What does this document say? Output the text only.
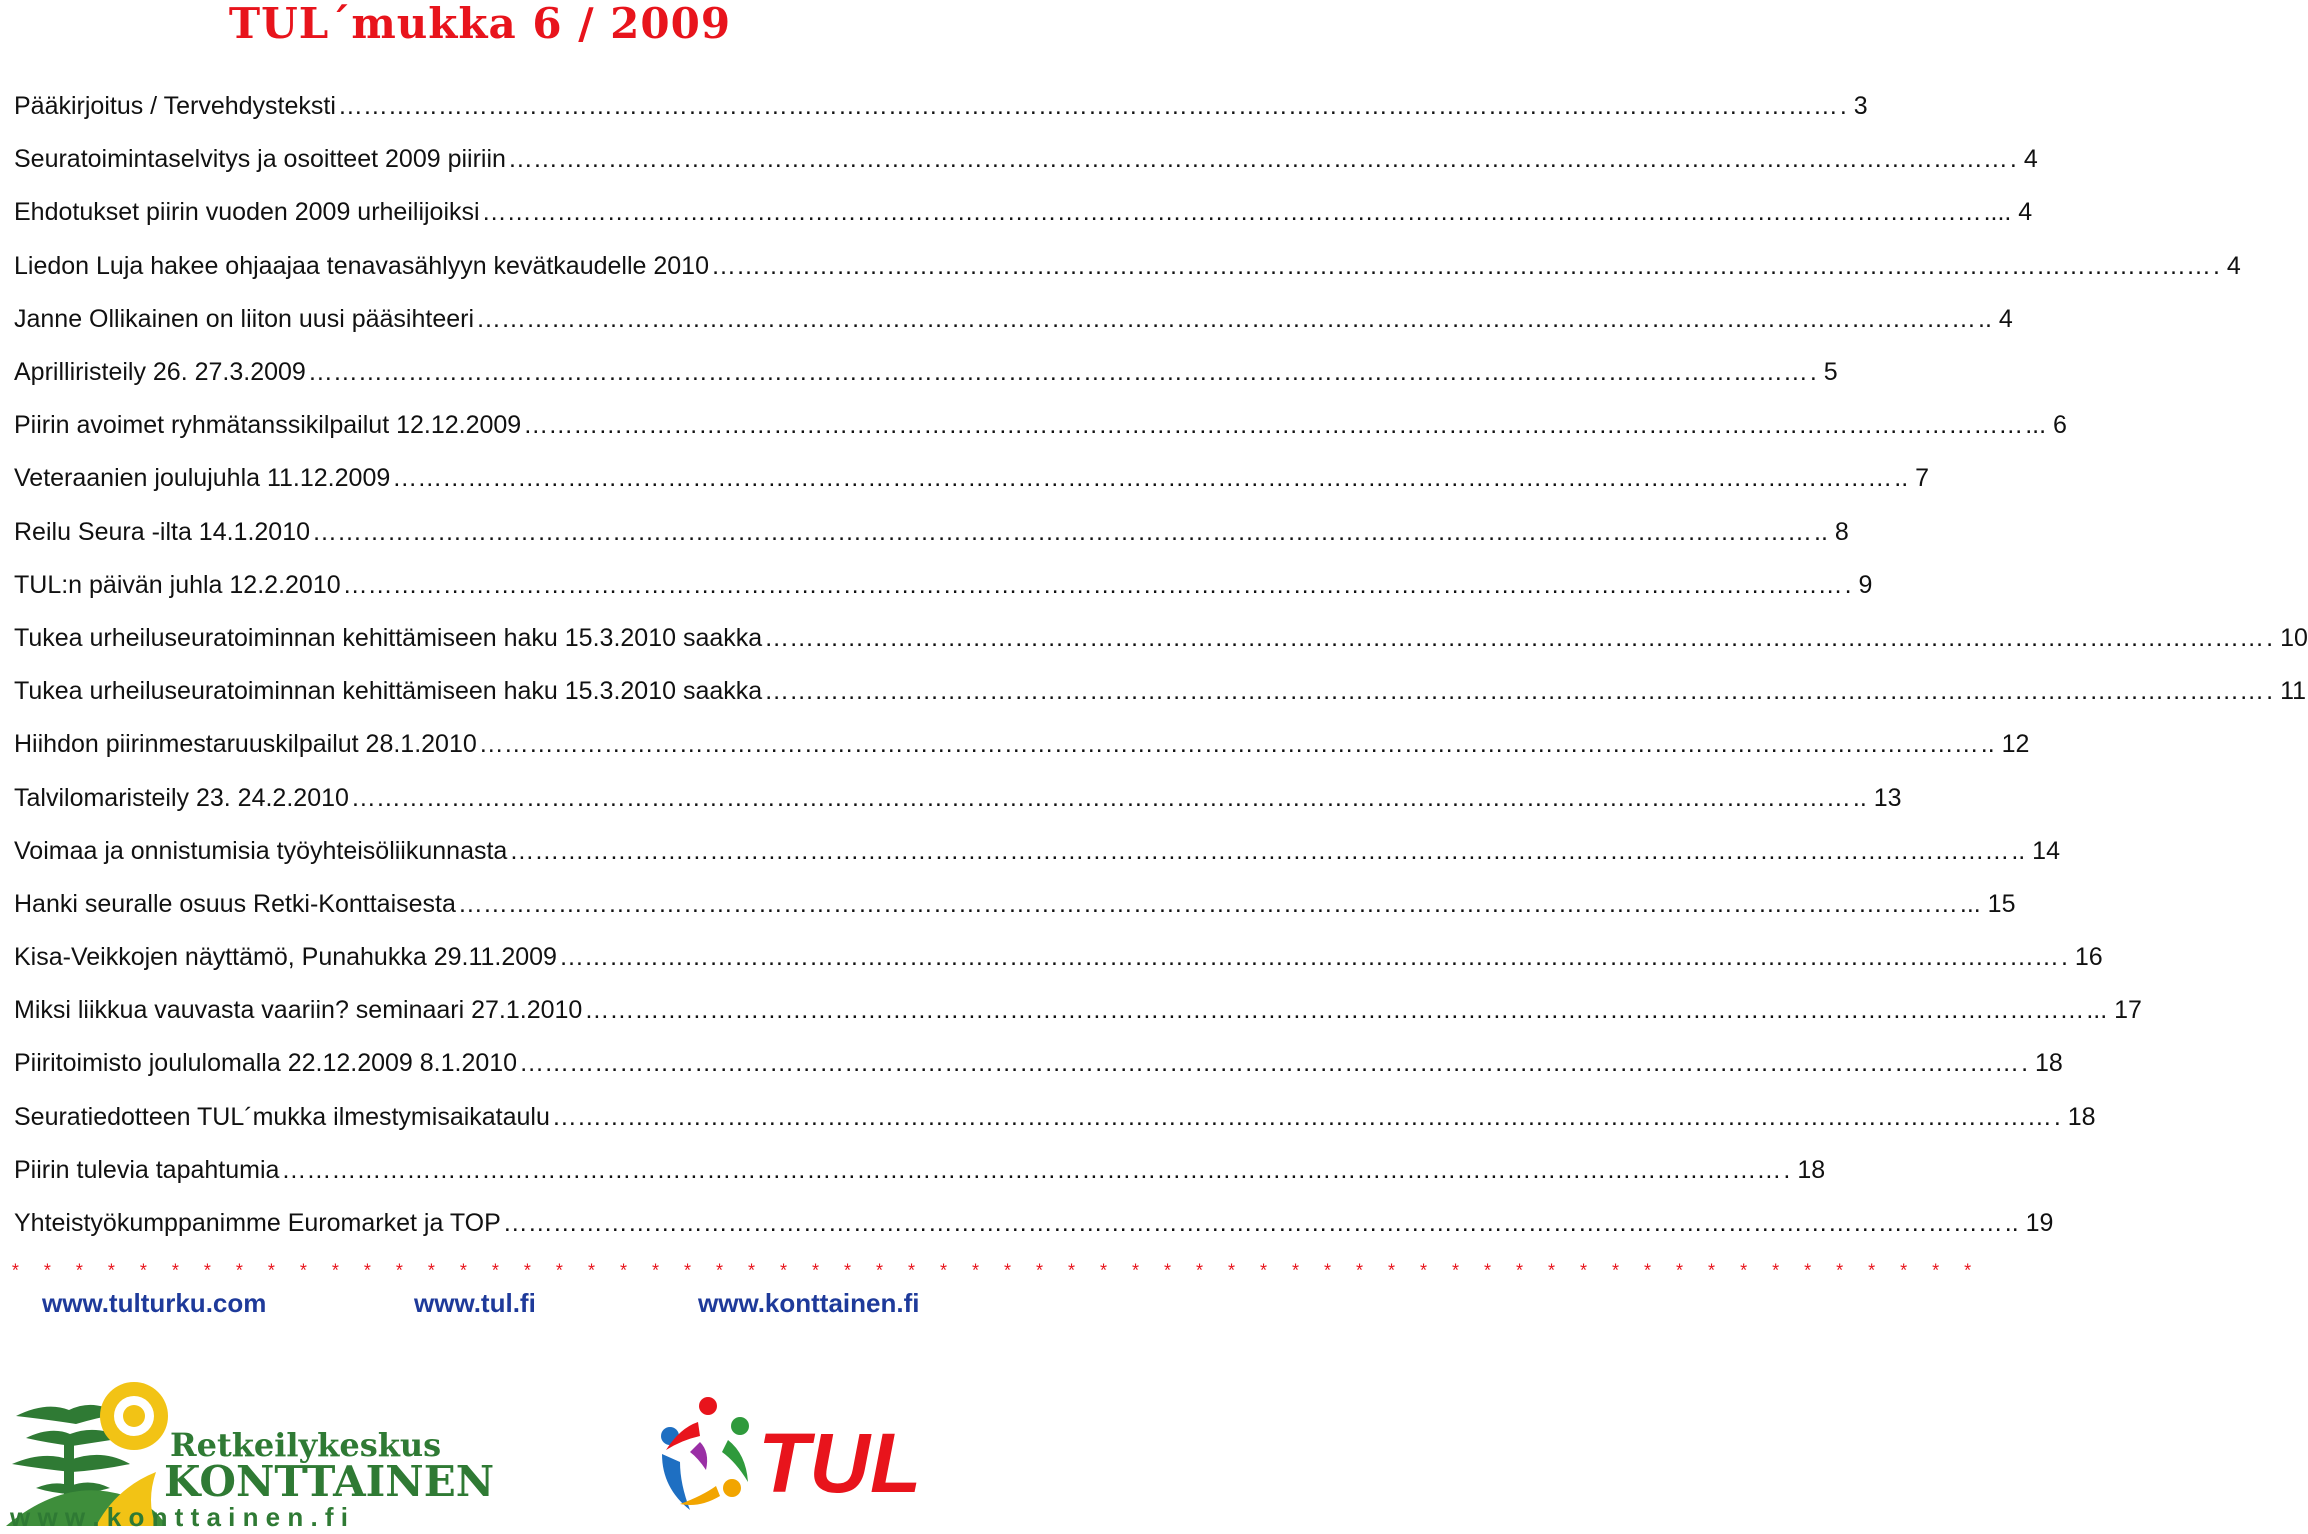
TUL´mukka 6 / 2009
Pääkirjoitus / Tervehdysteksti ………………………………………………………………………………………………………………………………………………………………	. 3
Seuratoimintaselvitys ja osoitteet 2009 piiriin ………………………………………………………………………………………………………………………………………………………………	. 4
Ehdotukset piirin vuoden 2009 urheilijoiksi ………………………………………………………………………………………………………………………………………………………………	.... 4
Liedon Luja hakee ohjaajaa tenavasählyyn kevätkaudelle 2010 ………………………………………………………………………………………………………………………………………………………………	. 4
Janne Ollikainen on liiton uusi pääsihteeri ………………………………………………………………………………………………………………………………………………………………	.. 4
Aprilliristeily 26. 27.3.2009 ………………………………………………………………………………………………………………………………………………………………	. 5
Piirin avoimet ryhmätanssikilpailut 12.12.2009 ………………………………………………………………………………………………………………………………………………………………	... 6
Veteraanien joulujuhla 11.12.2009 ………………………………………………………………………………………………………………………………………………………………	.. 7
Reilu Seura -ilta 14.1.2010 ………………………………………………………………………………………………………………………………………………………………	.. 8
TUL:n päivän juhla 12.2.2010 ………………………………………………………………………………………………………………………………………………………………	. 9
Tukea urheiluseuratoiminnan kehittämiseen haku 15.3.2010 saakka ………………………………………………………………………………………………………………………………………………………………	. 10
Tukea urheiluseuratoiminnan kehittämiseen haku 15.3.2010 saakka ………………………………………………………………………………………………………………………………………………………………	. 11
Hiihdon piirinmestaruuskilpailut 28.1.2010 ………………………………………………………………………………………………………………………………………………………………	.. 12
Talvilomaristeily 23. 24.2.2010 ………………………………………………………………………………………………………………………………………………………………	.. 13
Voimaa ja onnistumisia työyhteisöliikunnasta ………………………………………………………………………………………………………………………………………………………………	.. 14
Hanki seuralle osuus Retki-Konttaisesta ………………………………………………………………………………………………………………………………………………………………	... 15
Kisa-Veikkojen näyttämö, Punahukka 29.11.2009 ………………………………………………………………………………………………………………………………………………………………	. 16
Miksi liikkua vauvasta vaariin? seminaari 27.1.2010 ………………………………………………………………………………………………………………………………………………………………	... 17
Piiritoimisto joululomalla 22.12.2009 8.1.2010 ………………………………………………………………………………………………………………………………………………………………	. 18
Seuratiedotteen TUL´mukka ilmestymisaikataulu ………………………………………………………………………………………………………………………………………………………………	. 18
Piirin tulevia tapahtumia ………………………………………………………………………………………………………………………………………………………………	. 18
Yhteistyökumppanimme Euromarket ja TOP ………………………………………………………………………………………………………………………………………………………………	.. 19
* * * * * * * * * * * * * * * * * * * * * * * * * * * * * * * * * * * * * * * * * * * * * * * * * * * * * * * * * * * * * *
www.tulturku.com	www.tul.fi	www.konttainen.fi
Retkeilykeskus
KONTTAINEN
w w w . k o n t t a i n e n . f i
TUL
